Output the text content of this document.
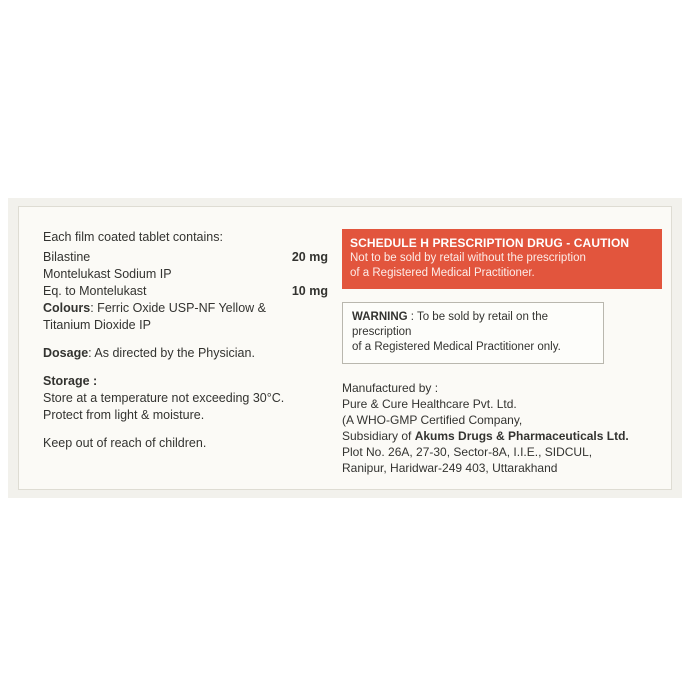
Each film coated tablet contains:
Bilastine	20 mg
Montelukast Sodium IP
Eq. to Montelukast	10 mg
Colours: Ferric Oxide USP-NF Yellow &
Titanium Dioxide IP
Dosage: As directed by the Physician.
Storage :
Store at a temperature not exceeding 30°C.
Protect from light & moisture.
Keep out of reach of children.
SCHEDULE H PRESCRIPTION DRUG - CAUTION
Not to be sold by retail without the prescription
of a Registered Medical Practitioner.
WARNING : To be sold by retail on the prescription
of a Registered Medical Practitioner only.
Manufactured by :
Pure & Cure Healthcare Pvt. Ltd.
(A WHO-GMP Certified Company,
Subsidiary of Akums Drugs & Pharmaceuticals Ltd.
Plot No. 26A, 27-30, Sector-8A, I.I.E., SIDCUL,
Ranipur, Haridwar-249 403, Uttarakhand
